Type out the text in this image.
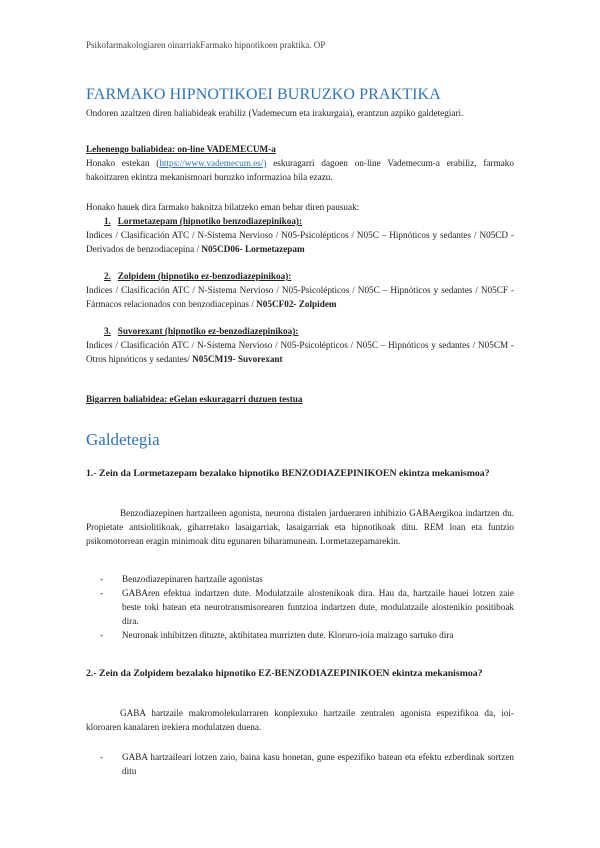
Psikofarmakologiaren oinarriakFarmako hipnotikoen praktika. OP
FARMAKO HIPNOTIKOEI BURUZKO PRAKTIKA

Ondoren azaltzen diren baliabideak erabiliz (Vademecum eta irakurgaia), erantzun azpiko galdetegiari.

Lehenengo baliabidea: on-line VADEMECUM-a
Honako estekan (https://www.vademecum.es/) eskuragarri dagoen on-line Vademecum-a erabiliz, farmako bakoitzaren ekintza mekanismoari buruzko informazioa bila ezazu.
Honako hauek dira farmako bakoitza bilatzeko eman behar diren pausuak:
1. Lormetazepam (hipnotiko benzodiazepinikoa):
Indices / Clasificación ATC / N-Sistema Nervioso / N05-Psicolépticos / N05C – Hipnóticos y sedantes / N05CD - Derivados de benzodiacepina / N05CD06- Lormetazepam
2. Zolpidem (hipnotiko ez-benzodiazepinikoa):
Indices / Clasificación ATC / N-Sistema Nervioso / N05-Psicolépticos / N05C – Hipnóticos y sedantes / N05CF - Fármacos relacionados con benzodiacepinas / N05CF02- Zolpidem
3. Suvorexant (hipnotiko ez-benzodiazepinikoa):
Indices / Clasificación ATC / N-Sistema Nervioso / N05-Psicolépticos / N05C – Hipnóticos y sedantes / N05CM - Otros hipnóticos y sedantes/ N05CM19- Suvorexant
Bigarren baliabidea: eGelan eskuragarri duzuen testua
Galdetegia

1.- Zein da Lormetazepam bezalako hipnotiko BENZODIAZEPINIKOEN ekintza mekanismoa?

Benzodiazepinen hartzaileen agonista, neurona distalen jardueraren inhibizio GABAergikoa indartzen du. Propietate antsiolitikoak, giharretako lasaigarriak, lasaigarriak eta hipnotikoak ditu. REM loan eta funtzio psikomotorrean eragin minimoak ditu egunaren biharamunean. Lormetazepamarekin.

- Benzodiazepinaren hartzaile agonistas
- GABAren efektua indartzen dute. Modulatzaile alostenikoak dira. Hau da, hartzaile hauei lotzen zaie beste toki batean eta neurotransmisorearen funtzioa indartzen dute, modulatzaile alostenikio positiboak dira.
- Neuronak inhibitzen dituzte, aktibitatea murrizten dute. Kloruro-ioia maizago sartuko dira

2.- Zein da Zolpidem bezalako hipnotiko EZ-BENZODIAZEPINIKOEN ekintza mekanismoa?

GABA hartzaile makromolekularraren konplexuko hartzaile zentralen agonista espezifikoa da, ioi-kloroaren kanalaren irekiera modulatzen duena.

- GABA hartzaileari lotzen zaio, baina kasu honetan, gune espezifiko batean eta efektu ezberdinak sortzen ditu
